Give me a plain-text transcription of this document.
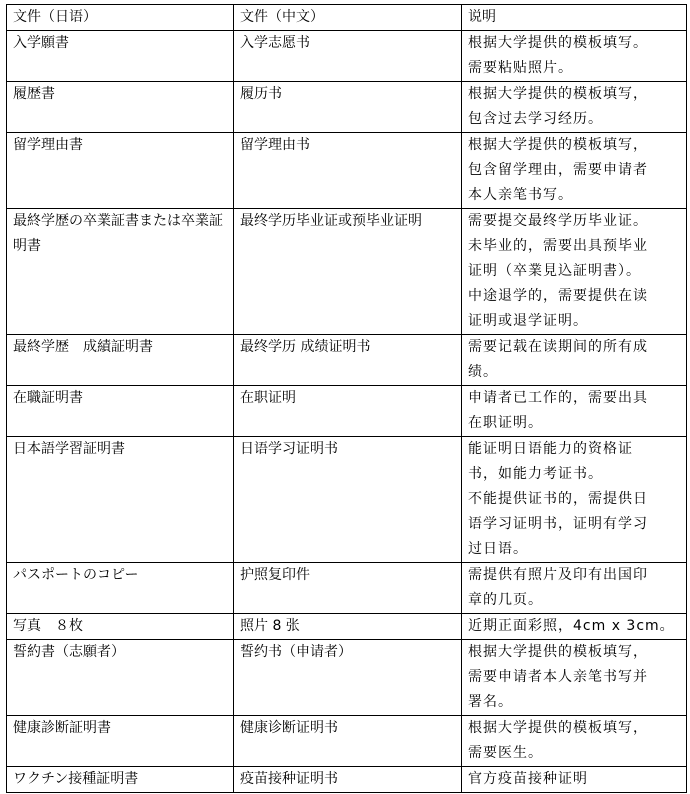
文件（日语）	文件（中文）	说明
入学願書	入学志愿书	根据大学提供的模板填写。
需要粘贴照片。

履歴書	履历书	根据大学提供的模板填写，
包含过去学习经历。

留学理由書	留学理由书	根据大学提供的模板填写，
包含留学理由，需要申请者
本人亲笔书写。

最終学歴の卒業証書または卒業証明書	最终学历毕业证或预毕业证明	需要提交最终学历毕业证。
未毕业的，需要出具预毕业
证明（卒業見込証明書）。
中途退学的，需要提供在读
证明或退学证明。

最終学歴　成績証明書	最终学历 成绩证明书	需要记载在读期间的所有成
绩。

在職証明書	在职证明	申请者已工作的，需要出具
在职证明。

日本語学習証明書	日语学习证明书	能证明日语能力的资格证
书，如能力考证书。
不能提供证书的，需提供日
语学习证明书，证明有学习
过日语。

パスポートのコピー	护照复印件	需提供有照片及印有出国印
章的几页。

写真　８枚	照片 8 张	近期正面彩照，4cm x 3cm。

誓約書（志願者）	誓约书（申请者）	根据大学提供的模板填写，
需要申请者本人亲笔书写并
署名。

健康診断証明書	健康诊断证明书	根据大学提供的模板填写，
需要医生。

ワクチン接種証明書	疫苗接种证明书	官方疫苗接种证明
